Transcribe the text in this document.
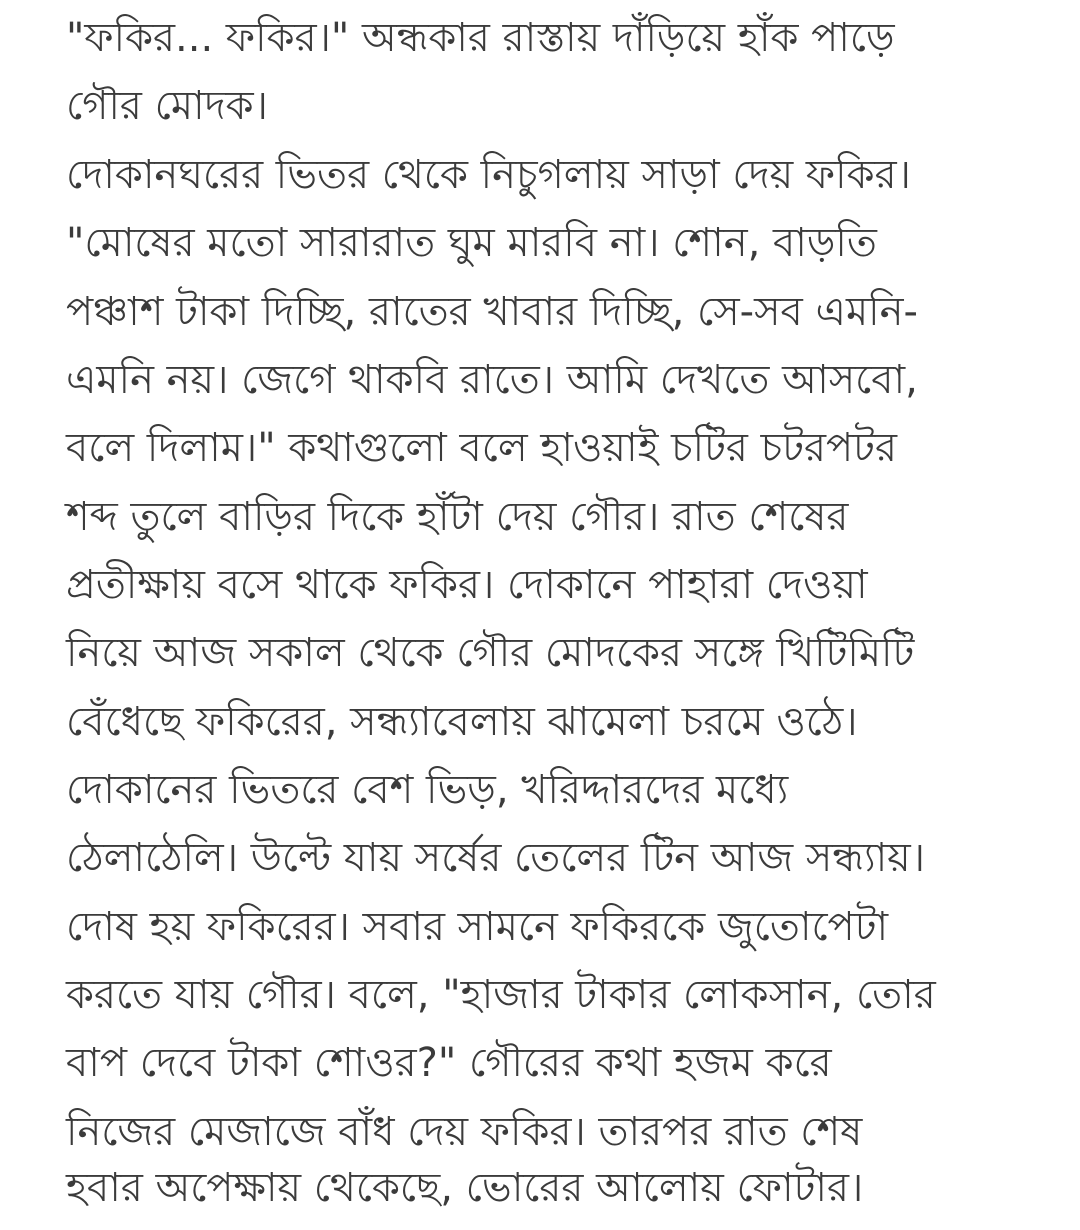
"ফকির... ফকির।" অন্ধকার রাস্তায় দাঁড়িয়ে হাঁক পাড়ে
গৌর মোদক।
দোকানঘরের ভিতর থেকে নিচুগলায় সাড়া দেয় ফকির।
"মোষের মতো সারারাত ঘুম মারবি না। শোন, বাড়তি
পঞ্চাশ টাকা দিচ্ছি, রাতের খাবার দিচ্ছি, সে-সব এমনি-
এমনি নয়। জেগে থাকবি রাতে। আমি দেখতে আসবো,
বলে দিলাম।" কথাগুলো বলে হাওয়াই চটির চটরপটর
শব্দ তুলে বাড়ির দিকে হাঁটা দেয় গৌর। রাত শেষের
প্রতীক্ষায় বসে থাকে ফকির। দোকানে পাহারা দেওয়া
নিয়ে আজ সকাল থেকে গৌর মোদকের সঙ্গে খিটিমিটি
বেঁধেছে ফকিরের, সন্ধ্যাবেলায় ঝামেলা চরমে ওঠে।
দোকানের ভিতরে বেশ ভিড়, খরিদ্দারদের মধ্যে
ঠেলাঠেলি। উল্টে যায় সর্ষের তেলের টিন আজ সন্ধ্যায়।
দোষ হয় ফকিরের। সবার সামনে ফকিরকে জুতোপেটা
করতে যায় গৌর। বলে, "হাজার টাকার লোকসান, তোর
বাপ দেবে টাকা শোওর?" গৌরের কথা হজম করে
নিজের মেজাজে বাঁধ দেয় ফকির। তারপর রাত শেষ
হবার অপেক্ষায় থেকেছে, ভোরের আলোয় ফোটার।
